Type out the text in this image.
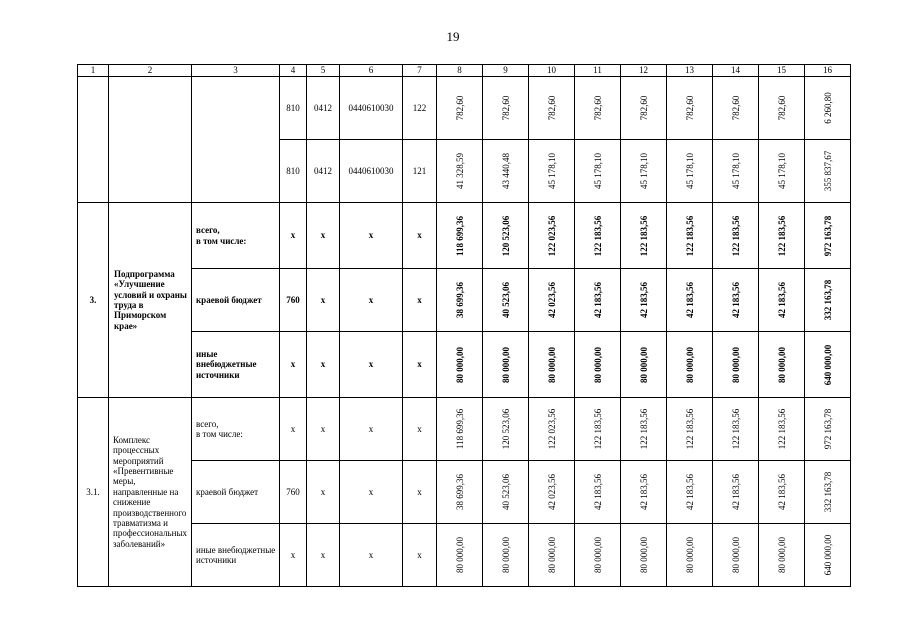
19
1	2	3	4	5	6	7	8	9	10	11	12	13	14	15	16
			810	0412	0440610030	122	782,60	782,60	782,60	782,60	782,60	782,60	782,60	782,60	6 260,80

			810	0412	0440610030	121	41 328,59	43 440,48	45 178,10	45 178,10	45 178,10	45 178,10	45 178,10	45 178,10	355 837,67

3.	Подпрограмма «Улучшение условий и охраны труда в Приморском крае»	всего,
в том числе:	x	x	x	x	118 699,36	120 523,06	122 023,56	122 183,56	122 183,56	122 183,56	122 183,56	122 183,56	972 163,78

		краевой бюджет	760	x	x	x	38 699,36	40 523,06	42 023,56	42 183,56	42 183,56	42 183,56	42 183,56	42 183,56	332 163,78

		иные внебюджетные источники	x	x	x	x	80 000,00	80 000,00	80 000,00	80 000,00	80 000,00	80 000,00	80 000,00	80 000,00	640 000,00

3.1.	Комплекс процессных мероприятий «Превентивные меры, направленные на снижение производственного травматизма и профессиональных заболеваний»	всего,
в том числе:	x	x	x	x	118 699,36	120 523,06	122 023,56	122 183,56	122 183,56	122 183,56	122 183,56	122 183,56	972 163,78

		краевой бюджет	760	x	x	x	38 699,36	40 523,06	42 023,56	42 183,56	42 183,56	42 183,56	42 183,56	42 183,56	332 163,78

		иные внебюджетные источники	x	x	x	x	80 000,00	80 000,00	80 000,00	80 000,00	80 000,00	80 000,00	80 000,00	80 000,00	640 000,00
